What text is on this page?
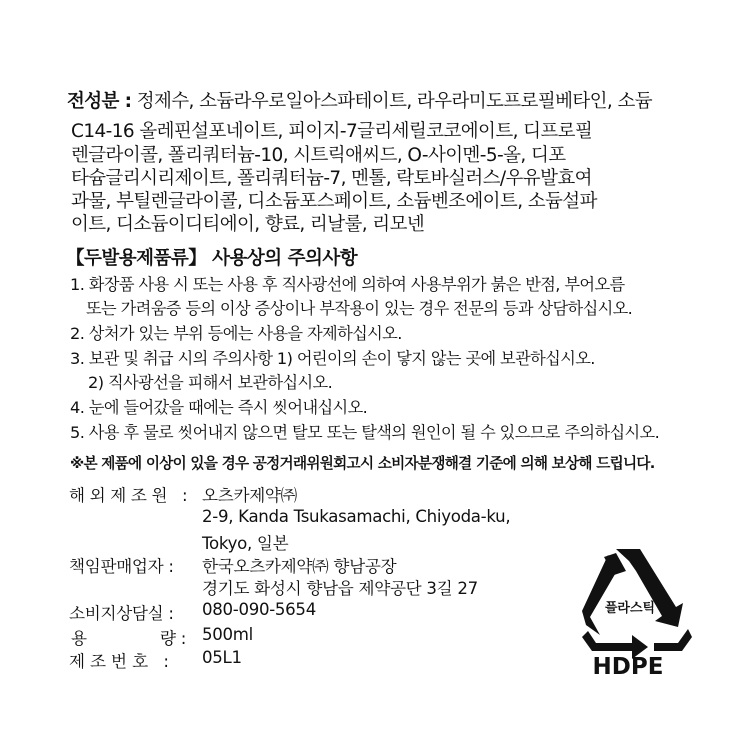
전성분 : 정제수, 소듐라우로일아스파테이트, 라우라미도프로필베타인, 소듐
C14-16 올레핀설포네이트, 피이지-7글리세릴코코에이트, 디프로필
렌글라이콜, 폴리쿼터늄-10, 시트릭애씨드, O-사이멘-5-올, 디포
타슘글리시리제이트, 폴리쿼터늄-7, 멘톨, 락토바실러스/우유발효여
과물, 부틸렌글라이콜, 디소듐포스페이트, 소듐벤조에이트, 소듐설파
이트, 디소듐이디티에이, 향료, 리날룰, 리모넨
【두발용제품류】 사용상의 주의사항
1. 화장품 사용 시 또는 사용 후 직사광선에 의하여 사용부위가 붉은 반점, 부어오름
또는 가려움증 등의 이상 증상이나 부작용이 있는 경우 전문의 등과 상담하십시오.
2. 상처가 있는 부위 등에는 사용을 자제하십시오.
3. 보관 및 취급 시의 주의사항 1) 어린이의 손이 닿지 않는 곳에 보관하십시오.
2) 직사광선을 피해서 보관하십시오.
4. 눈에 들어갔을 때에는 즉시 씻어내십시오.
5. 사용 후 물로 씻어내지 않으면 탈모 또는 탈색의 원인이 될 수 있으므로 주의하십시오.
※본 제품에 이상이 있을 경우 공정거래위원회고시 소비자분쟁해결 기준에 의해 보상해 드립니다.
해외제조원 : 오츠카제약㈜
2-9, Kanda Tsukasamachi, Chiyoda-ku,
Tokyo, 일본
책임판매업자 : 한국오츠카제약㈜ 향남공장
경기도 화성시 향남읍 제약공단 3길 27
소비지상담실 : 080-090-5654
용	량 : 500ml
제조번호 : 05L1
플라스틱
HDPE
